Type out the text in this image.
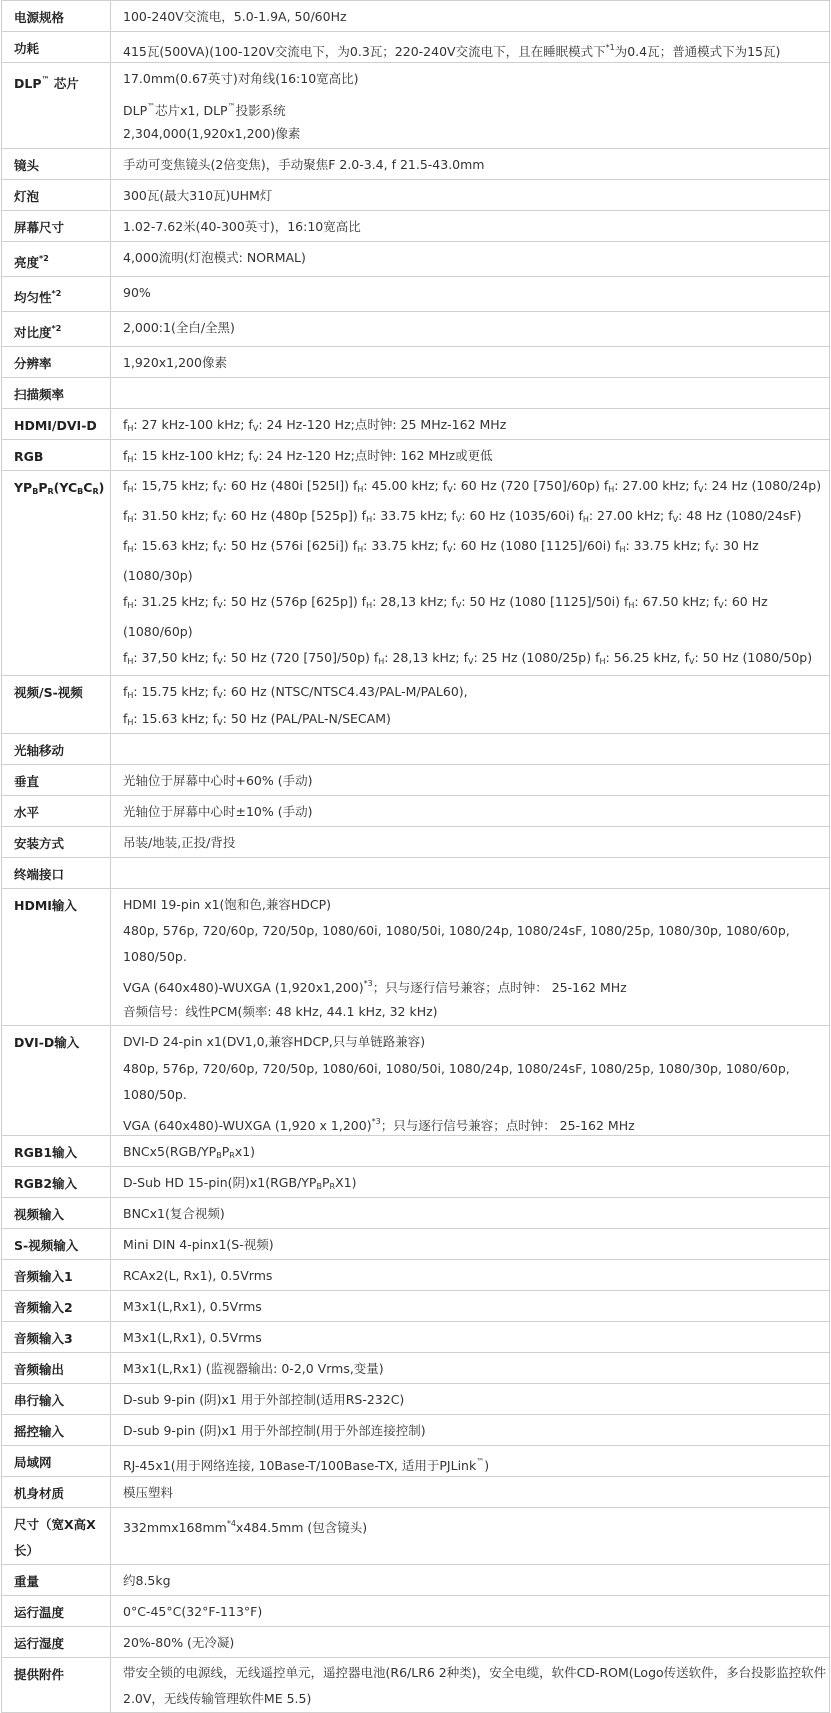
电源规格	100-240V交流电，5.0-1.9A, 50/60Hz

功耗	415瓦(500VA)(100-120V交流电下，为0.3瓦；220-240V交流电下，且在睡眠模式下$^{*1}$为0.4瓦；普通模式下为15瓦)

DLP™ 芯片	17.0mm(0.67英寸)对角线(16:10宽高比)
DLP™芯片x1, DLP™投影系统
2,304,000(1,920x1,200)像素

镜头	手动可变焦镜头(2倍变焦)，手动聚焦F 2.0-3.4, f 21.5-43.0mm

灯泡	300瓦(最大310瓦)UHM灯

屏幕尺寸	1.02-7.62米(40-300英寸)，16:10宽高比

亮度$^{*2}$	4,000流明(灯泡模式: NORMAL)

均匀性$^{*2}$	90%

对比度$^{*2}$	2,000:1(全白/全黑)

分辨率	1,920x1,200像素

扫描频率	

HDMI/DVI-D	$f_H$: 27 kHz-100 kHz; $f_V$: 24 Hz-120 Hz;点时钟: 25 MHz-162 MHz

RGB	$f_H$: 15 kHz-100 kHz; $f_V$: 24 Hz-120 Hz;点时钟: 162 MHz或更低

$YP_BP_R(YC_BC_R)$	$f_H$: 15,75 kHz; $f_V$: 60 Hz (480i [525I]) $f_H$: 45.00 kHz; $f_V$: 60 Hz (720 [750]/60p) $f_H$: 27.00 kHz; $f_V$: 24 Hz (1080/24p)
$f_H$: 31.50 kHz; $f_V$: 60 Hz (480p [525p]) $f_H$: 33.75 kHz; $f_V$: 60 Hz (1035/60i) $f_H$: 27.00 kHz; $f_V$: 48 Hz (1080/24sF)
$f_H$: 15.63 kHz; $f_V$: 50 Hz (576i [625i]) $f_H$: 33.75 kHz; $f_V$: 60 Hz (1080 [1125]/60i) $f_H$: 33.75 kHz; $f_V$: 30 Hz (1080/30p)
$f_H$: 31.25 kHz; $f_V$: 50 Hz (576p [625p]) $f_H$: 28,13 kHz; $f_V$: 50 Hz (1080 [1125]/50i) $f_H$: 67.50 kHz; $f_V$: 60 Hz (1080/60p)
$f_H$: 37,50 kHz; $f_V$: 50 Hz (720 [750]/50p) $f_H$: 28,13 kHz; $f_V$: 25 Hz (1080/25p) $f_H$: 56.25 kHz, $f_V$: 50 Hz (1080/50p)

视频/S-视频	$f_H$: 15.75 kHz; $f_V$: 60 Hz (NTSC/NTSC4.43/PAL-M/PAL60),
$f_H$: 15.63 kHz; $f_V$: 50 Hz (PAL/PAL-N/SECAM)

光轴移动	

垂直	光轴位于屏幕中心时+60% (手动)

水平	光轴位于屏幕中心时±10% (手动)

安装方式	吊装/地装,正投/背投

终端接口	

HDMI输入	HDMI 19-pin x1(饱和色,兼容HDCP)
480p, 576p, 720/60p, 720/50p, 1080/60i, 1080/50i, 1080/24p, 1080/24sF, 1080/25p, 1080/30p, 1080/60p, 1080/50p.
VGA (640x480)-WUXGA $(1,920x1,200)^{*3}$；只与逐行信号兼容；点时钟： 25-162 MHz
音频信号：线性PCM(频率: 48 kHz, 44.1 kHz, 32 kHz)

DVI-D输入	DVI-D 24-pin x1(DV1,0,兼容HDCP,只与单链路兼容)
480p, 576p, 720/60p, 720/50p, 1080/60i, 1080/50i, 1080/24p, 1080/24sF, 1080/25p, 1080/30p, 1080/60p, 1080/50p.
VGA (640x480)-WUXGA (1,920 x 1,200)$^{*3}$；只与逐行信号兼容；点时钟： 25-162 MHz

RGB1输入	$BNCx5(RGB/YP_BP_Rx1)$

RGB2输入	D-Sub HD 15-pin(阴)$x1(RGB/YP_BP_RX1)$

视频输入	BNCx1(复合视频)

S-视频输入	Mini DIN 4-pinx1(S-视频)

音频输入1	RCAx2(L, Rx1), 0.5Vrms

音频输入2	M3x1(L,Rx1), 0.5Vrms

音频输入3	M3x1(L,Rx1), 0.5Vrms

音频输出	M3x1(L,Rx1) (监视器输出: 0-2,0 Vrms,变量)

串行输入	D-sub 9-pin (阴)x1 用于外部控制(适用RS-232C)

摇控输入	D-sub 9-pin (阴)x1 用于外部控制(用于外部连接控制)

局域网	RJ-45x1(用于网络连接, 10Base-T/100Base-TX, 适用于PJLink™)

机身材质	模压塑料

尺寸（宽X高X长）	$332mmx168mm^{*4}x484.5mm$ (包含镜头)

重量	约8.5kg

运行温度	0°C-45°C(32°F-113°F)

运行湿度	20%-80% (无冷凝)

提供附件	带安全锁的电源线，无线遥控单元，遥控器电池(R6/LR6 2种类)，安全电缆，软件CD-ROM(Logo传送软件，多台投影监控软件2.0V，无线传输管理软件ME 5.5)
